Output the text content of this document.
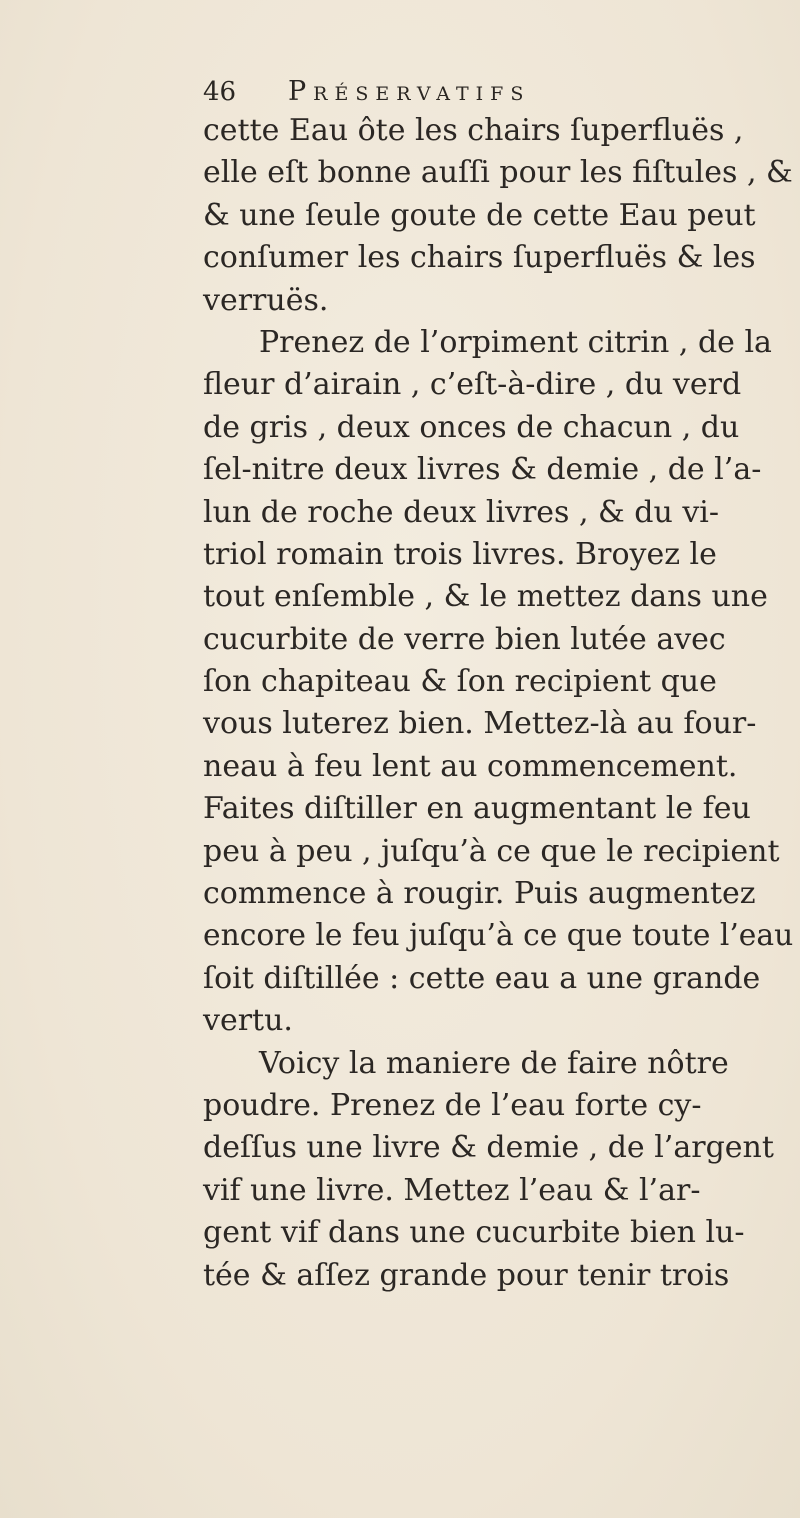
46 Préservatifs
cette Eau ôte les chairs ſuperfluës ,
elle eſt bonne auſſi pour les fiſtules , &
& une ſeule goute de cette Eau peut
conſumer les chairs ſuperfluës & les
verruës.
Prenez de l’orpiment citrin , de la
fleur d’airain , c’eſt-à-dire , du verd
de gris , deux onces de chacun , du
ſel-nitre deux livres & demie , de l’a-
lun de roche deux livres , & du vi-
triol romain trois livres. Broyez le
tout enſemble , & le mettez dans une
cucurbite de verre bien lutée avec
ſon chapiteau & ſon recipient que
vous luterez bien. Mettez-là au four-
neau à feu lent au commencement.
Faites diſtiller en augmentant le feu
peu à peu , juſqu’à ce que le recipient
commence à rougir. Puis augmentez
encore le feu juſqu’à ce que toute l’eau
ſoit diſtillée : cette eau a une grande
vertu.
Voicy la maniere de faire nôtre
poudre. Prenez de l’eau forte cy-
deſſus une livre & demie , de l’argent
vif une livre. Mettez l’eau & l’ar-
gent vif dans une cucurbite bien lu-
tée & aſſez grande pour tenir trois
